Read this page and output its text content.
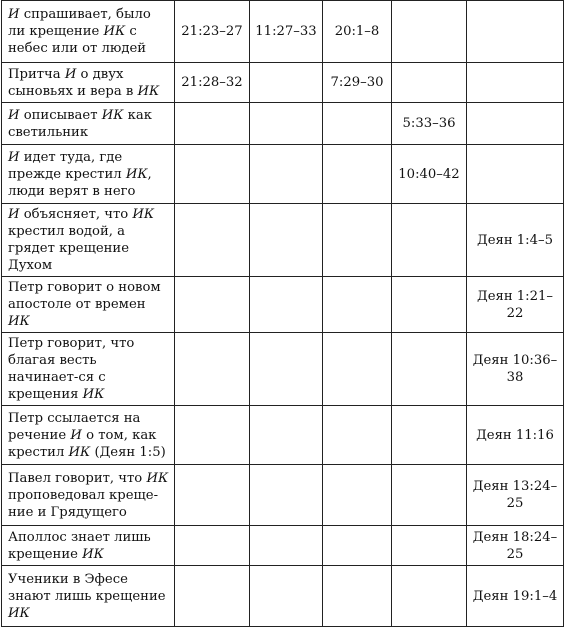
И спрашивает, было ли крещение ИК с небес или от людей	21:23–27	11:27–33	20:1–8		
Притча И о двух сыновьях и вера в ИК	21:28–32		7:29–30		
И описывает ИК как светильник				5:33–36	
И идет туда, где прежде крестил ИК, люди верят в него				10:40–42	
И объясняет, что ИК крестил водой, а грядет крещение Духом					Деян 1:4–5
Петр говорит о новом апостоле от времен ИК					Деян 1:21–22
Петр говорит, что благая весть начинает-ся с крещения ИК					Деян 10:36–38
Петр ссылается на речение И о том, как крестил ИК (Деян 1:5)					Деян 11:16
Павел говорит, что ИК проповедовал креще-ние и Грядущего					Деян 13:24–25
Аполлос знает лишь крещение ИК					Деян 18:24–25
Ученики в Эфесе знают лишь крещение ИК					Деян 19:1–4
